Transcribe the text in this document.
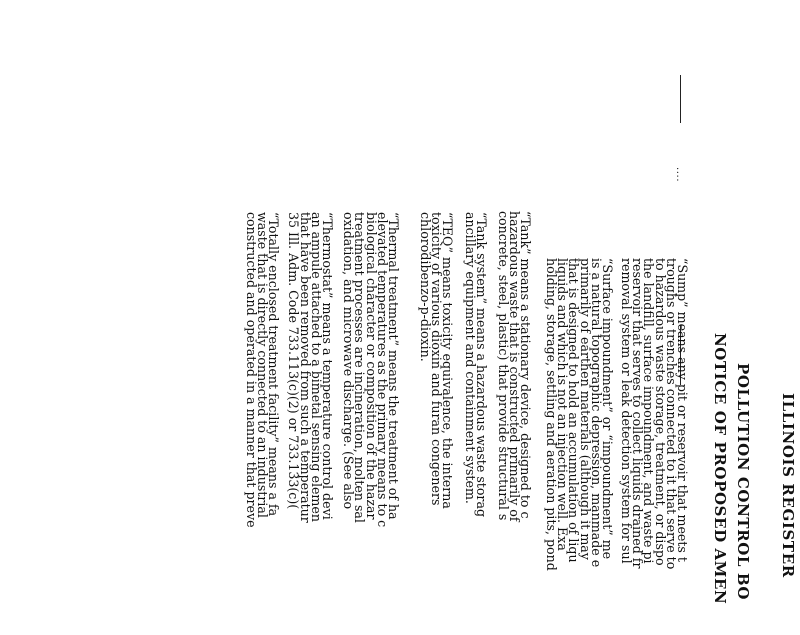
....
ILLINOIS REGISTER
POLLUTION CONTROL BO
NOTICE OF PROPOSED AMEN
“Sump” means any pit or reservoir that meets t
troughs or trenches connected to it that serve to
to hazardous waste storage, treatment, or dispo
the landfill, surface impoundment, and waste pi
reservoir that serves to collect liquids drained fr
removal system or leak detection system for sul
“Surface impoundment” or “impoundment” me
is a natural topographic depression, manmade e
primarily of earthen materials (although it may
that is designed to hold an accumulation of liqu
liquids and which is not an injection well. Exa
holding, storage, settling and aeration pits, pond
“Tank” means a stationary device, designed to c
hazardous waste that is constructed primarily of
concrete, steel, plastic) that provide structural s
“Tank system” means a hazardous waste storag
ancillary equipment and containment system.
“TEQ” means toxicity equivalence, the interna
toxicity of various dioxin and furan congeners
chlorodibenzo-p-dioxin.
“Thermal treatment” means the treatment of ha
elevated temperatures as the primary means to c
biological character or composition of the hazar
treatment processes are incineration, molten sal
oxidation, and microwave discharge. (See also
“Thermostat” means a temperature control devi
an ampule attached to a bimetal sensing elemen
that have been removed from such a temperatur
35 Ill. Adm. Code 733.113(c)(2) or 733.133(c)(
“Totally enclosed treatment facility” means a fa
waste that is directly connected to an industrial
constructed and operated in a manner that preve
